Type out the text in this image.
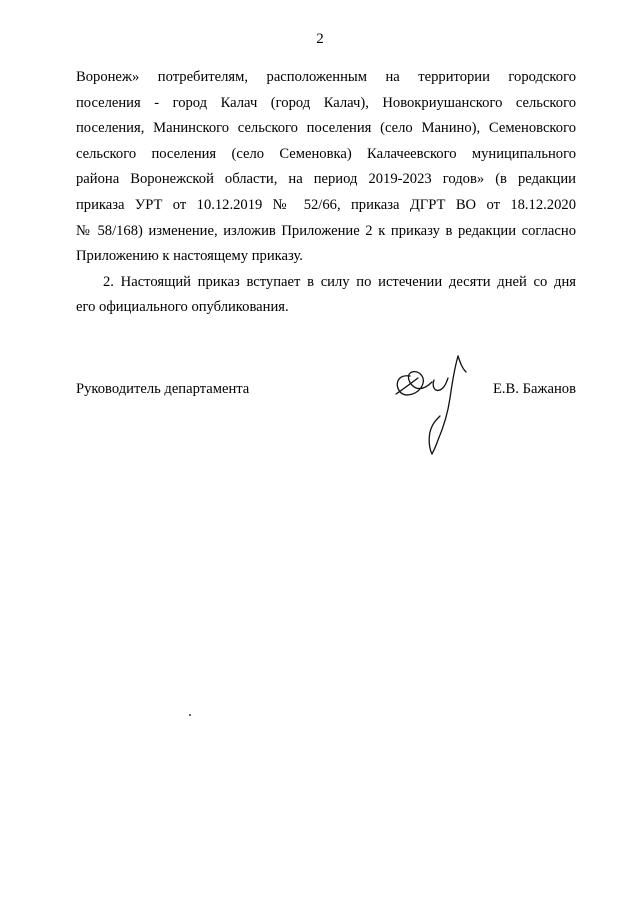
2
Воронеж» потребителям, расположенным на территории городского
поселения - город Калач (город Калач), Новокриушанского сельского
поселения, Манинского сельского поселения (село Манино), Семеновского
сельского поселения (село Семеновка) Калачеевского муниципального
района Воронежской области, на период 2019-2023 годов» (в редакции
приказа УРТ от 10.12.2019 № 52/66, приказа ДГРТ ВО от 18.12.2020
№ 58/168) изменение, изложив Приложение 2 к приказу в редакции согласно
Приложению к настоящему приказу.
2. Настоящий приказ вступает в силу по истечении десяти дней со дня
его официального опубликования.
Руководитель департамента	Е.В. Бажанов
